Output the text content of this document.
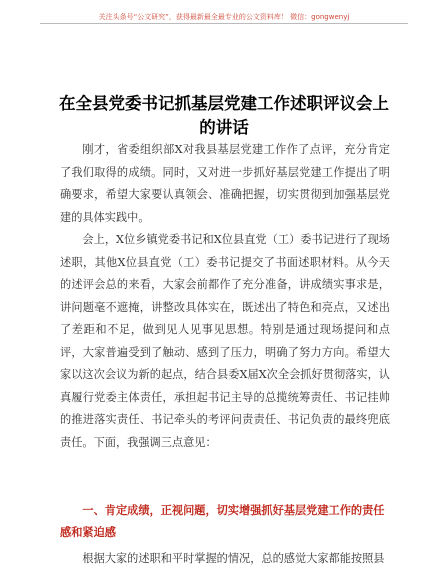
关注头条号“公文研究”，获得最新最全最专业的公文资料库！ 微信：gongwenyj
在全县党委书记抓基层党建工作述职评议会上的讲话

刚才，省委组织部X对我县基层党建工作作了点评，充分肯定了我们取得的成绩。同时，又对进一步抓好基层党建工作提出了明确要求，希望大家要认真领会、准确把握，切实贯彻到加强基层党建的具体实践中。

会上，X位乡镇党委书记和X位县直党（工）委书记进行了现场述职，其他X位县直党（工）委书记提交了书面述职材料。从今天的述评会总的来看，大家会前都作了充分准备，讲成绩实事求是，讲问题毫不遮掩，讲整改具体实在，既述出了特色和亮点，又述出了差距和不足，做到见人见事见思想。特别是通过现场提问和点评，大家普遍受到了触动、感到了压力，明确了努力方向。希望大家以这次会议为新的起点，结合县委X届X次全会抓好贯彻落实，认真履行党委主体责任，承担起书记主导的总揽统筹责任、书记挂帅的推进落实责任、书记牵头的考评问责责任、书记负责的最终兜底责任。下面，我强调三点意见：

一、肯定成绩，正视问题，切实增强抓好基层党建工作的责任感和紧迫感

根据大家的述职和平时掌握的情况，总的感觉大家都能按照县
